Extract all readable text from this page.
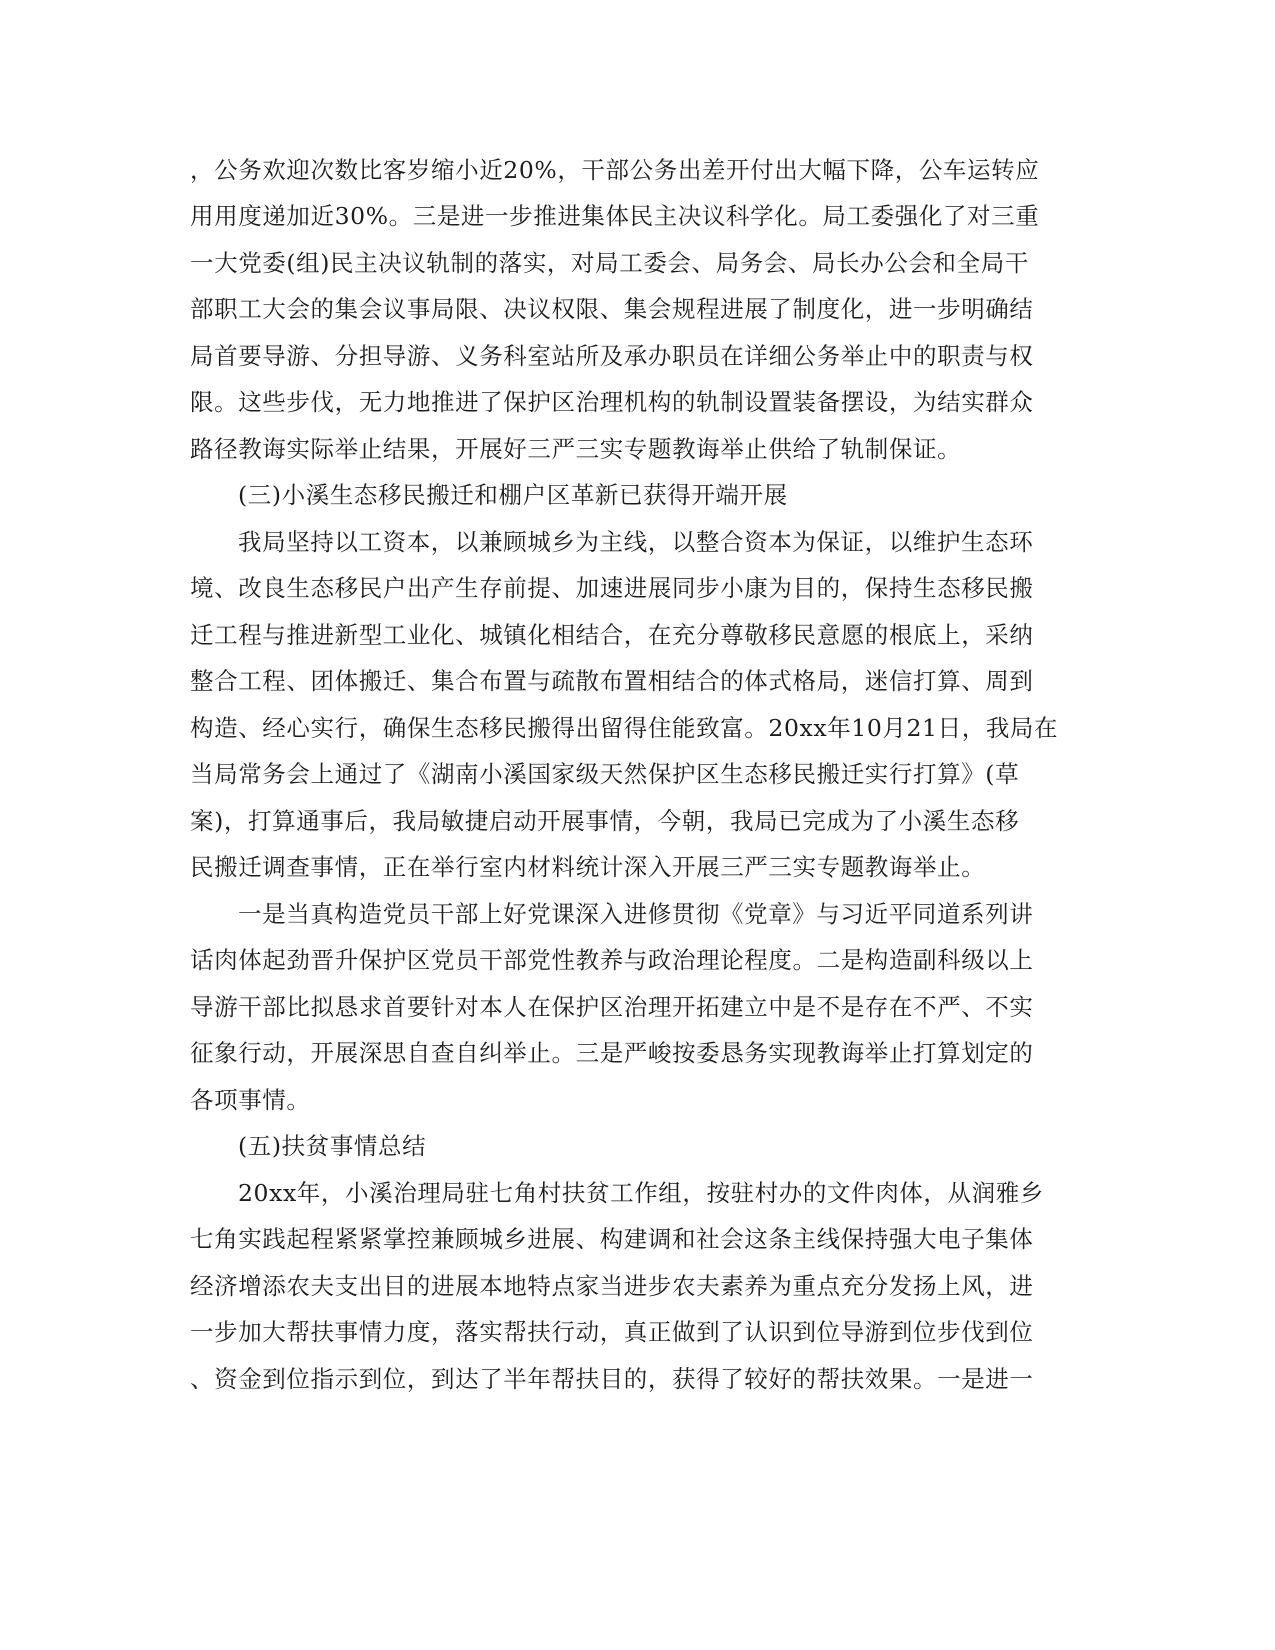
，公务欢迎次数比客岁缩小近20%，干部公务出差开付出大幅下降，公车运转应
用用度递加近30%。三是进一步推进集体民主决议科学化。局工委强化了对三重
一大党委(组)民主决议轨制的落实，对局工委会、局务会、局长办公会和全局干
部职工大会的集会议事局限、决议权限、集会规程进展了制度化，进一步明确结
局首要导游、分担导游、义务科室站所及承办职员在详细公务举止中的职责与权
限。这些步伐，无力地推进了保护区治理机构的轨制设置装备摆设，为结实群众
路径教诲实际举止结果，开展好三严三实专题教诲举止供给了轨制保证。
(三)小溪生态移民搬迁和棚户区革新已获得开端开展
我局坚持以工资本，以兼顾城乡为主线，以整合资本为保证，以维护生态环
境、改良生态移民户出产生存前提、加速进展同步小康为目的，保持生态移民搬
迁工程与推进新型工业化、城镇化相结合，在充分尊敬移民意愿的根底上，采纳
整合工程、团体搬迁、集合布置与疏散布置相结合的体式格局，迷信打算、周到
构造、经心实行，确保生态移民搬得出留得住能致富。20xx年10月21日，我局在
当局常务会上通过了《湖南小溪国家级天然保护区生态移民搬迁实行打算》(草
案)，打算通事后，我局敏捷启动开展事情，今朝，我局已完成为了小溪生态移
民搬迁调查事情，正在举行室内材料统计深入开展三严三实专题教诲举止。
一是当真构造党员干部上好党课深入进修贯彻《党章》与习近平同道系列讲
话肉体起劲晋升保护区党员干部党性教养与政治理论程度。二是构造副科级以上
导游干部比拟恳求首要针对本人在保护区治理开拓建立中是不是存在不严、不实
征象行动，开展深思自查自纠举止。三是严峻按委恳务实现教诲举止打算划定的
各项事情。
(五)扶贫事情总结
20xx年，小溪治理局驻七角村扶贫工作组，按驻村办的文件肉体，从润雅乡
七角实践起程紧紧掌控兼顾城乡进展、构建调和社会这条主线保持强大电子集体
经济增添农夫支出目的进展本地特点家当进步农夫素养为重点充分发扬上风，进
一步加大帮扶事情力度，落实帮扶行动，真正做到了认识到位导游到位步伐到位
、资金到位指示到位，到达了半年帮扶目的，获得了较好的帮扶效果。一是进一
